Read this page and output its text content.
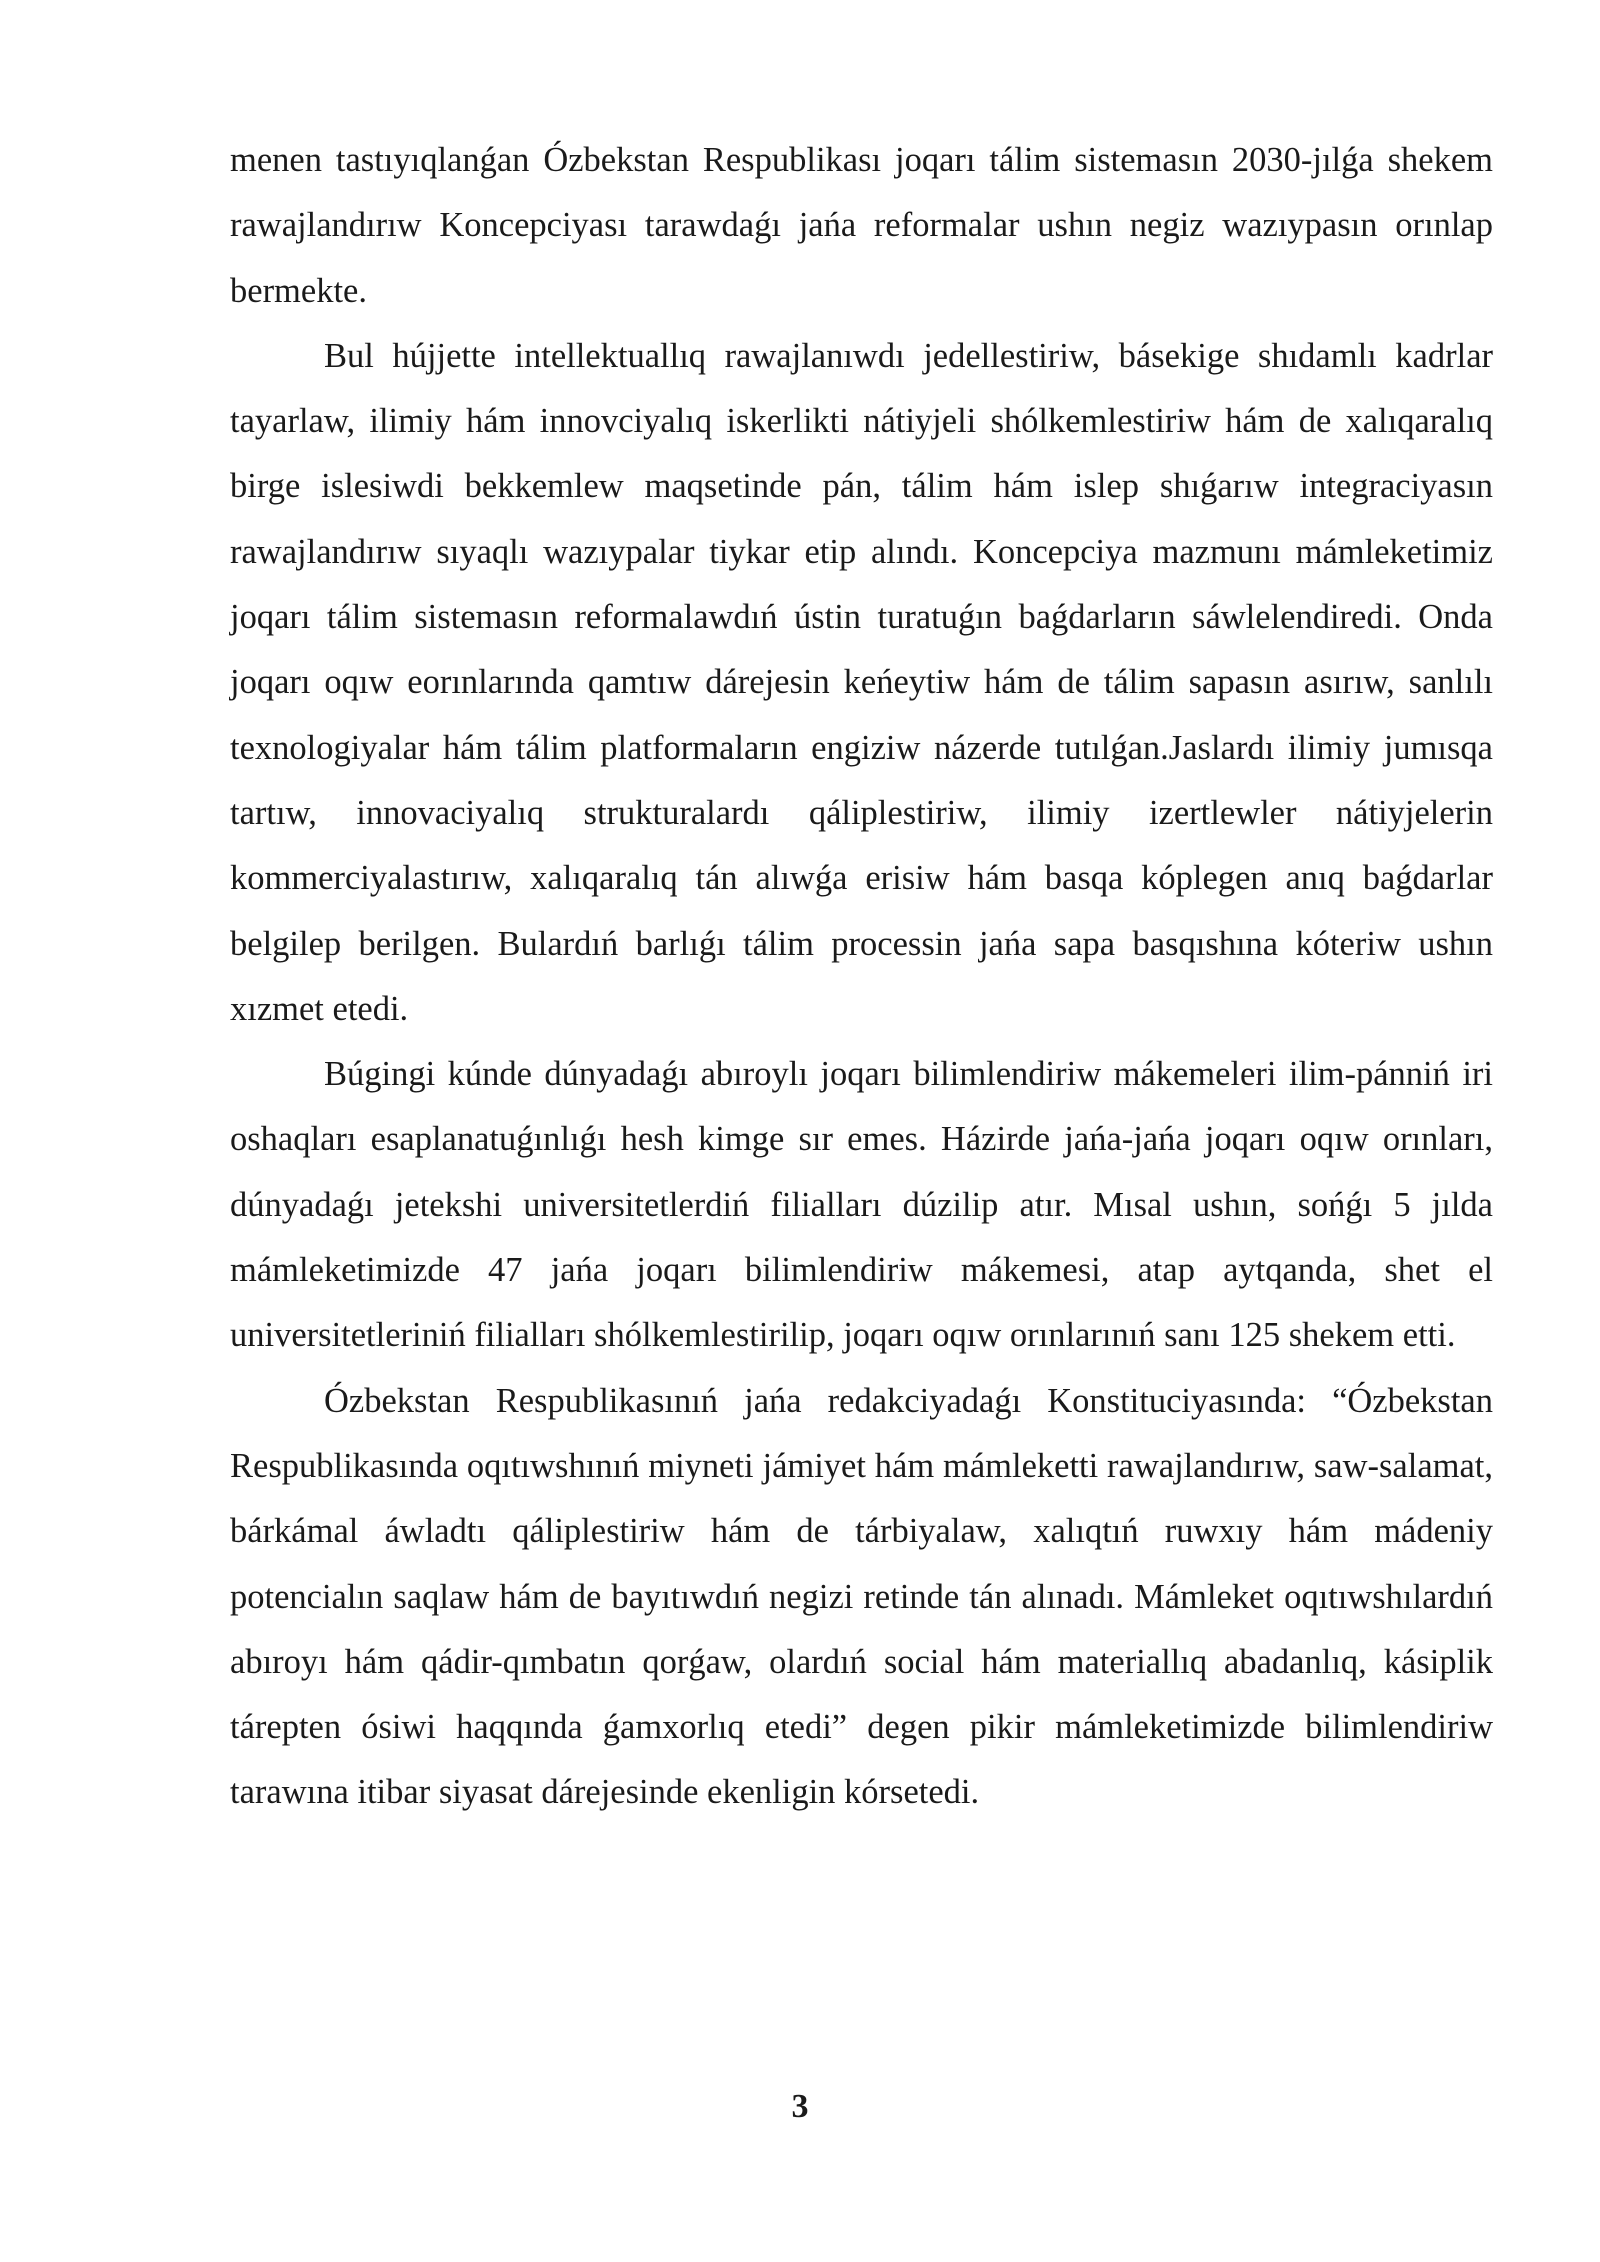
menen tastıyıqlanǵan Ózbekstan Respublikası joqarı tálim sistemasın 2030-jılǵa shekem rawajlandırıw Koncepciyası tarawdaǵı jańa reformalar ushın negiz wazıypasın orınlap bermekte.

Bul hújjette intellektuallıq rawajlanıwdı jedellestiriw, básekige shıdamlı kadrlar tayarlaw, ilimiy hám innovciyalıq iskerlikti nátiyjeli shólkemlestiriw hám de xalıqaralıq birge islesiwdi bekkemlew maqsetinde pán, tálim hám islep shıǵarıw integraciyasın rawajlandırıw sıyaqlı wazıypalar tiykar etip alındı. Koncepciya mazmunı mámleketimiz joqarı tálim sistemasın reformalawdıń ústin turatuǵın baǵdarların sáwlelendiredi. Onda joqarı oqıw eorınlarında qamtıw dárejesin keńeytiw hám de tálim sapasın asırıw, sanlılı texnologiyalar hám tálim platformaların engiziw názerde tutılǵan.Jaslardı ilimiy jumısqa tartıw, innovaciyalıq strukturalardı qáliplestiriw, ilimiy izertlewler nátiyjelerin kommerciyalastırıw, xalıqaralıq tán alıwǵa erisiw hám basqa kóplegen anıq baǵdarlar belgilep berilgen. Bulardıń barlıǵı tálim processin jańa sapa basqıshına kóteriw ushın xızmet etedi.

Búgingi kúnde dúnyadaǵı abıroylı joqarı bilimlendiriw mákemeleri ilim-pánniń iri oshaqları esaplanatuǵınlıǵı hesh kimge sır emes. Házirde jańa-jańa joqarı oqıw orınları, dúnyadaǵı jetekshi universitetlerdiń filialları dúzilip atır. Mısal ushın, sońǵı 5 jılda mámleketimizde 47 jańa joqarı bilimlendiriw mákemesi, atap aytqanda, shet el universitetleriniń filialları shólkemlestirilip, joqarı oqıw orınlarınıń sanı 125 shekem etti.

Ózbekstan Respublikasınıń jańa redakciyadaǵı Konstituciyasında: “Ózbekstan Respublikasında oqıtıwshınıń miyneti jámiyet hám mámleketti rawajlandırıw, saw-salamat, bárkámal áwladtı qáliplestiriw hám de tárbiyalaw, xalıqtıń ruwxıy hám mádeniy potencialın saqlaw hám de bayıtıwdıń negizi retinde tán alınadı. Mámleket oqıtıwshılardıń abıroyı hám qádir-qımbatın qorǵaw, olardıń social hám materiallıq abadanlıq, kásiplik tárepten ósiwi haqqında ǵamxorlıq etedi” degen pikir mámleketimizde bilimlendiriw tarawına itibar siyasat dárejesinde ekenligin kórsetedi.

3
